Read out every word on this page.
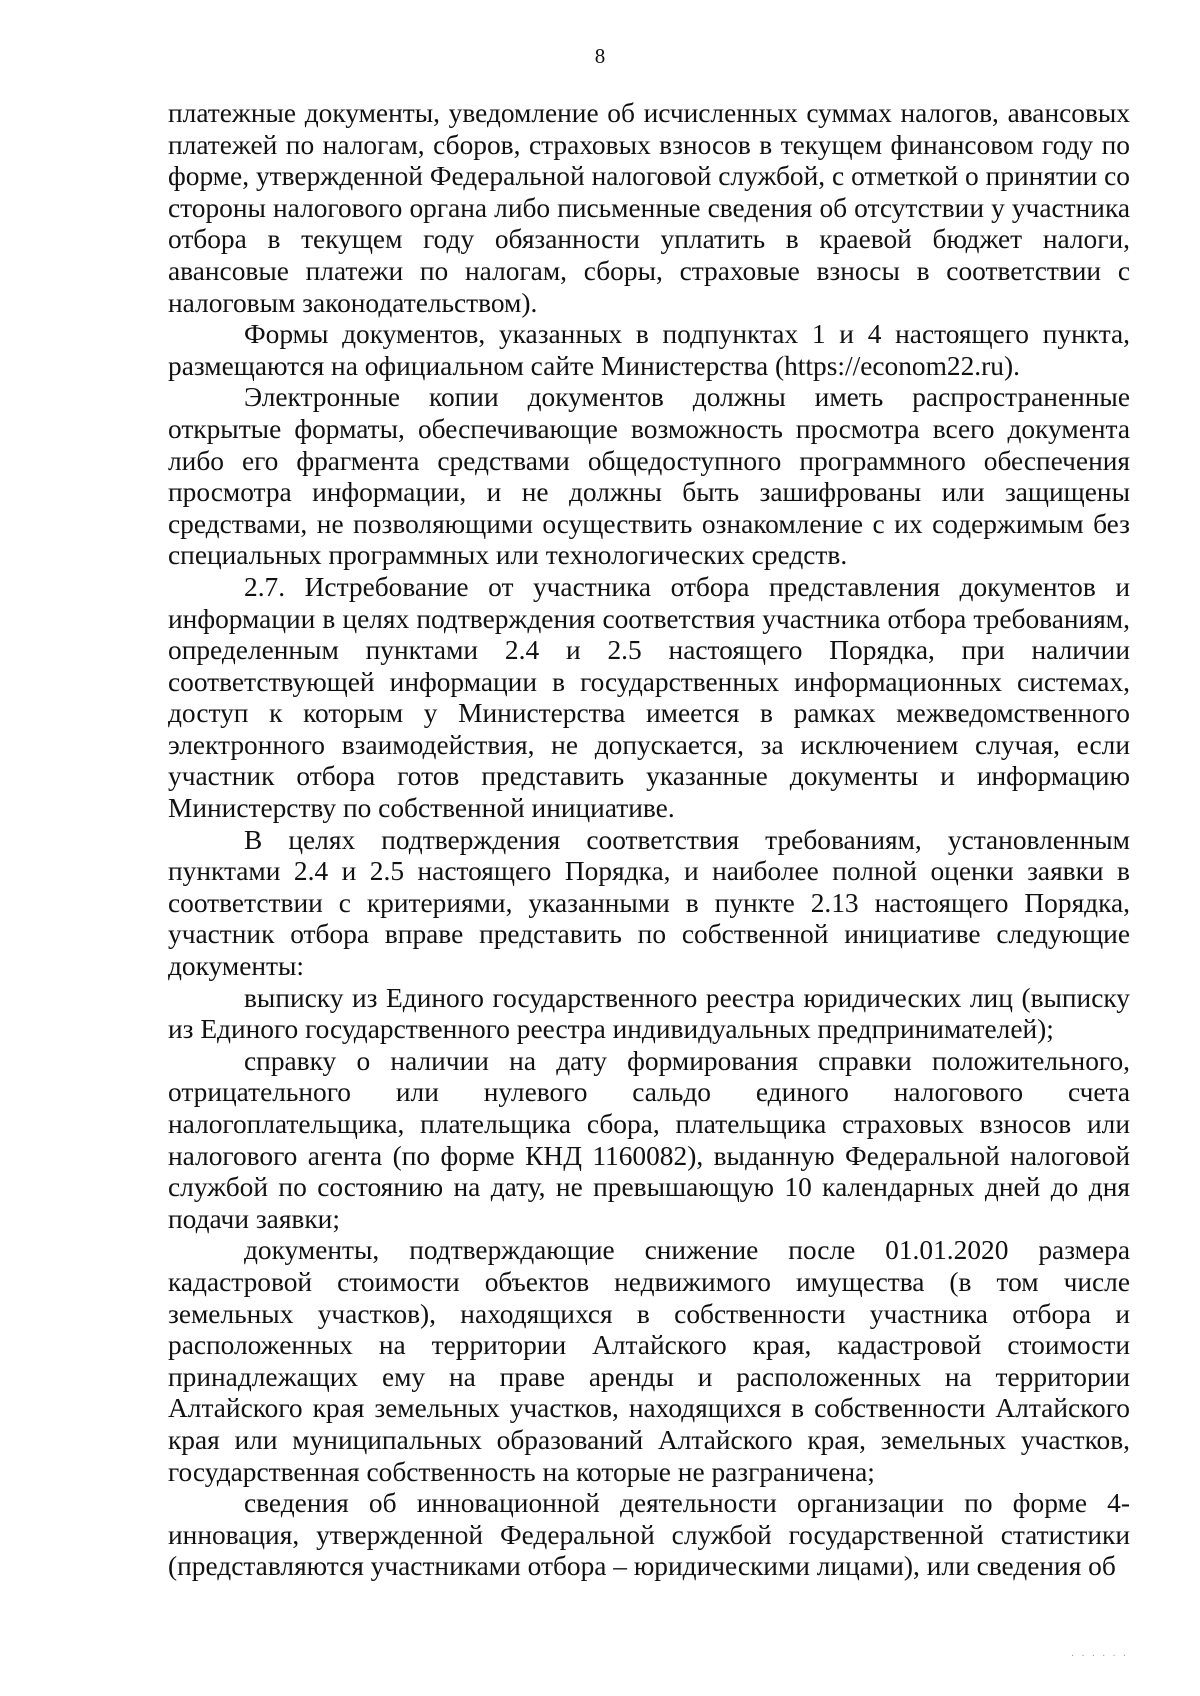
8

платежные документы, уведомление об исчисленных суммах налогов, авансовых платежей по налогам, сборов, страховых взносов в текущем финансовом году по форме, утвержденной Федеральной налоговой службой, с отметкой о принятии со стороны налогового органа либо письменные сведения об отсутствии у участника отбора в текущем году обязанности уплатить в краевой бюджет налоги, авансовые платежи по налогам, сборы, страховые взносы в соответствии с налоговым законодательством).

Формы документов, указанных в подпунктах 1 и 4 настоящего пункта, размещаются на официальном сайте Министерства (https://econom22.ru).

Электронные копии документов должны иметь распространенные открытые форматы, обеспечивающие возможность просмотра всего документа либо его фрагмента средствами общедоступного программного обеспечения просмотра информации, и не должны быть зашифрованы или защищены средствами, не позволяющими осуществить ознакомление с их содержимым без специальных программных или технологических средств.

2.7. Истребование от участника отбора представления документов и информации в целях подтверждения соответствия участника отбора требованиям, определенным пунктами 2.4 и 2.5 настоящего Порядка, при наличии соответствующей информации в государственных информационных системах, доступ к которым у Министерства имеется в рамках межведомственного электронного взаимодействия, не допускается, за исключением случая, если участник отбора готов представить указанные документы и информацию Министерству по собственной инициативе.

В целях подтверждения соответствия требованиям, установленным пунктами 2.4 и 2.5 настоящего Порядка, и наиболее полной оценки заявки в соответствии с критериями, указанными в пункте 2.13 настоящего Порядка, участник отбора вправе представить по собственной инициативе следующие документы:

выписку из Единого государственного реестра юридических лиц (выписку из Единого государственного реестра индивидуальных предпринимателей);

справку о наличии на дату формирования справки положительного, отрицательного или нулевого сальдо единого налогового счета налогоплательщика, плательщика сбора, плательщика страховых взносов или налогового агента (по форме КНД 1160082), выданную Федеральной налоговой службой по состоянию на дату, не превышающую 10 календарных дней до дня подачи заявки;

документы, подтверждающие снижение после 01.01.2020 размера кадастровой стоимости объектов недвижимого имущества (в том числе земельных участков), находящихся в собственности участника отбора и расположенных на территории Алтайского края, кадастровой стоимости принадлежащих ему на праве аренды и расположенных на территории Алтайского края земельных участков, находящихся в собственности Алтайского края или муниципальных образований Алтайского края, земельных участков, государственная собственность на которые не разграничена;

сведения об инновационной деятельности организации по форме 4-инновация, утвержденной Федеральной службой государственной статистики (представляются участниками отбора – юридическими лицами), или сведения об

· · · · · ·
